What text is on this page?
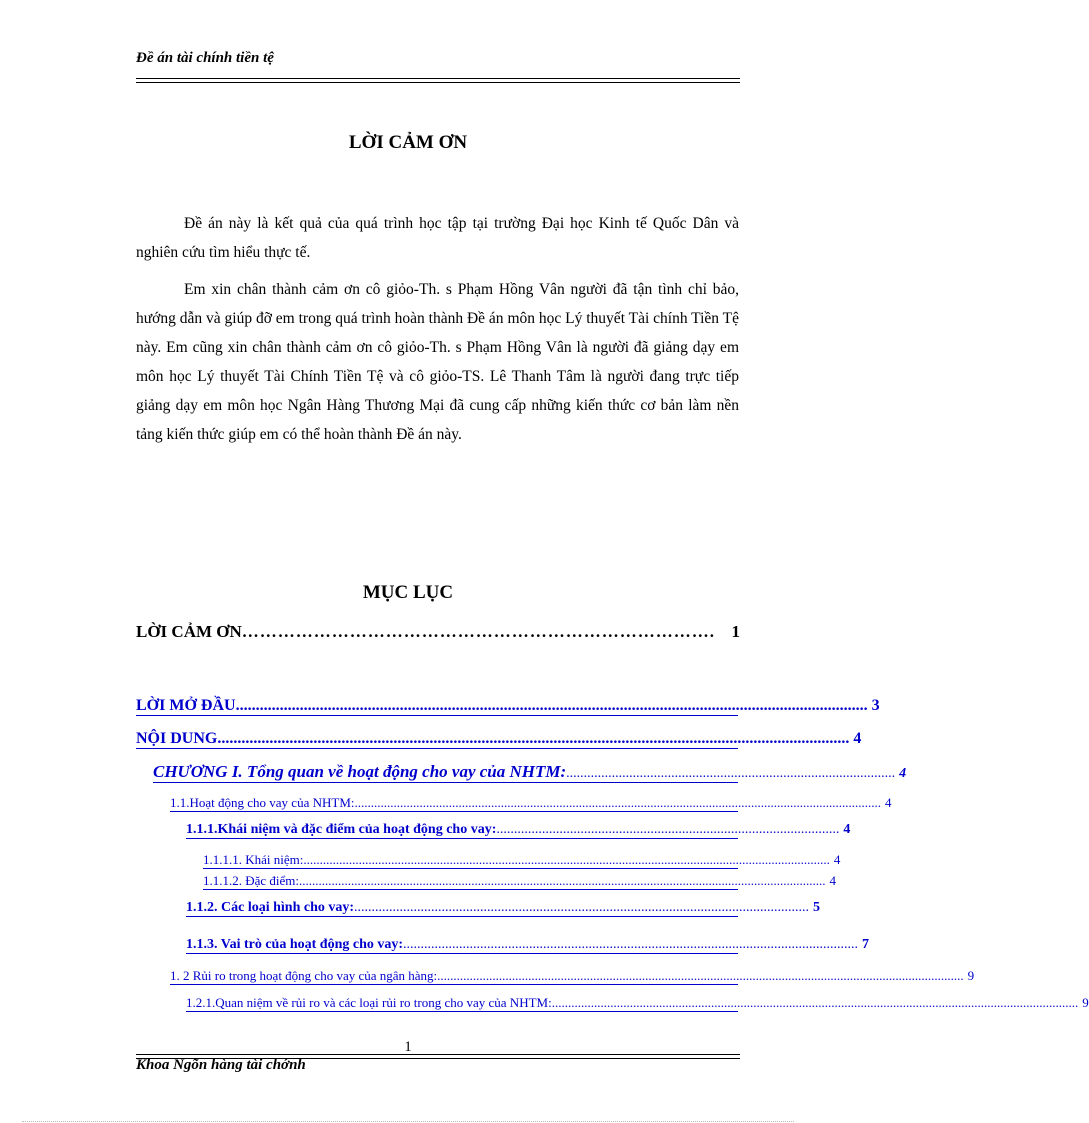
Đề án tài chính tiền tệ
LỜI CẢM ƠN

Đề án này là kết quả của quá trình học tập tại trường Đại học Kinh tế Quốc Dân và nghiên cứu tìm hiểu thực tế.

Em xin chân thành cảm ơn cô giỏo-Th. s Phạm Hồng Vân người đã tận tình chỉ bảo, hướng dẫn và giúp đỡ em trong quá trình hoàn thành Đề án môn học Lý thuyết Tài chính Tiền Tệ này. Em cũng xin chân thành cảm ơn cô giỏo-Th. s Phạm Hồng Vân là người đã giảng dạy em môn học Lý thuyết Tài Chính Tiền Tệ và cô giỏo-TS. Lê Thanh Tâm là người đang trực tiếp giảng dạy em môn học Ngân Hàng Thương Mại đã cung cấp những kiến thức cơ bản làm nền tảng kiến thức giúp em có thể hoàn thành Đề án này.

MỤC LỤC
LỜI CẢM ƠN ……………………………………………………………………. 1
LỜI MỞ ĐẦU .............................................................................................................................................................. 3
NỘI DUNG .............................................................................................................................................................. 4
CHƯƠNG I. Tổng quan về hoạt động cho vay của NHTM: .............................................................................................. 4
1.1.Hoạt động cho vay của NHTM: .................................................................................................................................................................. 4
1.1.1.Khái niệm và đặc điểm của hoạt động cho vay: .................................................................................................. 4
1.1.1.1. Khái niệm: .................................................................................................................................................................. 4
1.1.1.2. Đặc điểm: .................................................................................................................................................................. 4
1.1.2. Các loại hình cho vay: .................................................................................................................................. 5
1.1.3. Vai trò của hoạt động cho vay: .................................................................................................................................. 7
1. 2 Rủi ro trong hoạt động cho vay của ngân hàng: .................................................................................................................................................................. 9
1.2.1.Quan niệm về rủi ro và các loại rủi ro trong cho vay của NHTM: .................................................................................................................................................................. 9
1
Khoa Ngõn hàng tài chớnh
